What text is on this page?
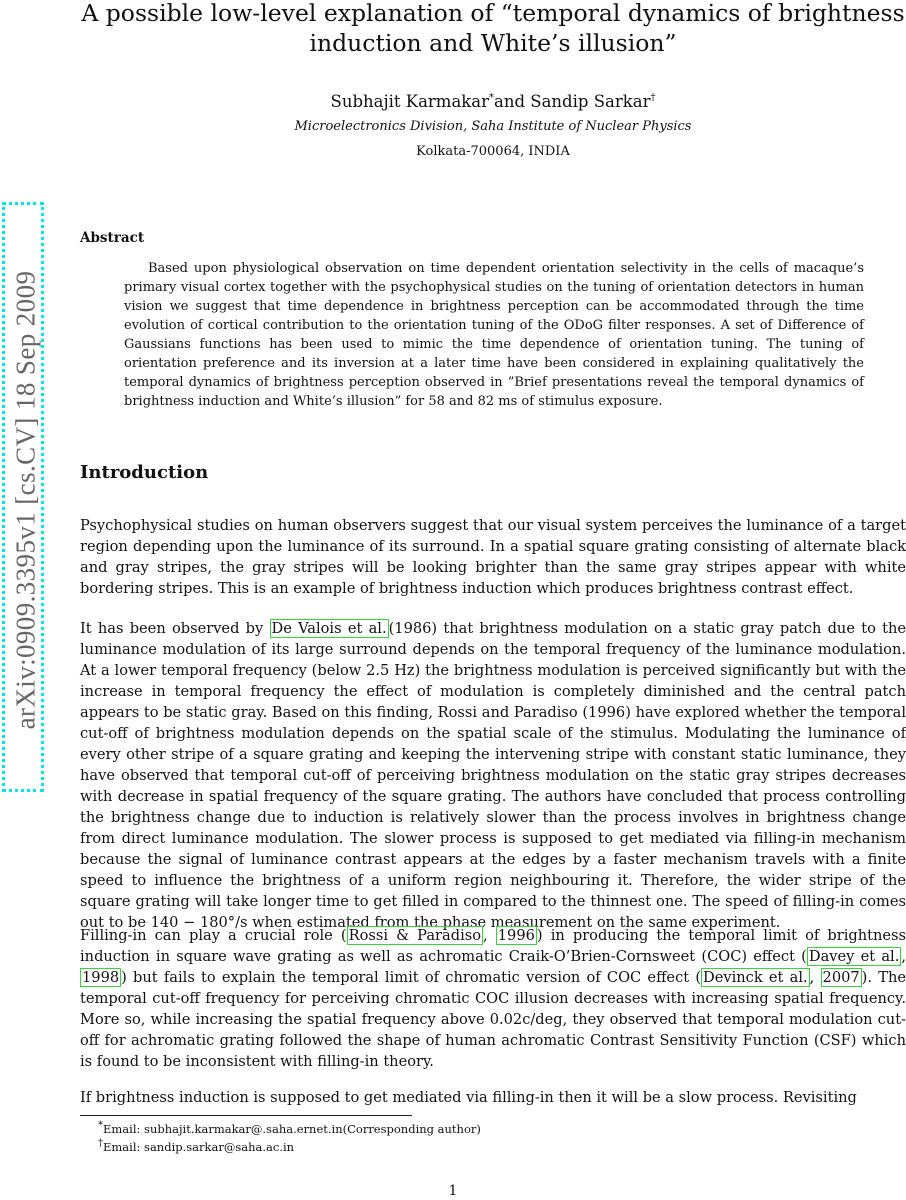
A possible low-level explanation of “temporal dynamics of brightness
induction and White’s illusion”
Subhajit Karmakar*and Sandip Sarkar†
Microelectronics Division, Saha Institute of Nuclear Physics
Kolkata-700064, INDIA
arXiv:0909.3395v1 [cs.CV] 18 Sep 2009
Abstract
Based upon physiological observation on time dependent orientation selectivity in the cells of macaque’s primary visual cortex together with the psychophysical studies on the tuning of orientation detectors in human vision we suggest that time dependence in brightness perception can be accommodated through the time evolution of cortical contribution to the orientation tuning of the ODoG filter responses. A set of Difference of Gaussians functions has been used to mimic the time dependence of orientation tuning. The tuning of orientation preference and its inversion at a later time have been considered in explaining qualitatively the temporal dynamics of brightness perception observed in ”Brief presentations reveal the temporal dynamics of brightness induction and White’s illusion” for 58 and 82 ms of stimulus exposure.
Introduction

Psychophysical studies on human observers suggest that our visual system perceives the luminance of a target region depending upon the luminance of its surround. In a spatial square grating consisting of alternate black and gray stripes, the gray stripes will be looking brighter than the same gray stripes appear with white bordering stripes. This is an example of brightness induction which produces brightness contrast effect.

It has been observed by De Valois et al. (1986) that brightness modulation on a static gray patch due to the luminance modulation of its large surround depends on the temporal frequency of the luminance modulation. At a lower temporal frequency (below 2.5 Hz) the brightness modulation is perceived significantly but with the increase in temporal frequency the effect of modulation is completely diminished and the central patch appears to be static gray. Based on this finding, Rossi and Paradiso (1996) have explored whether the temporal cut-off of brightness modulation depends on the spatial scale of the stimulus. Modulating the luminance of every other stripe of a square grating and keeping the intervening stripe with constant static luminance, they have observed that temporal cut-off of perceiving brightness modulation on the static gray stripes decreases with decrease in spatial frequency of the square grating. The authors have concluded that process controlling the brightness change due to induction is relatively slower than the process involves in brightness change from direct luminance modulation. The slower process is supposed to get mediated via filling-in mechanism because the signal of luminance contrast appears at the edges by a faster mechanism travels with a finite speed to influence the brightness of a uniform region neighbouring it. Therefore, the wider stripe of the square grating will take longer time to get filled in compared to the thinnest one. The speed of filling-in comes out to be 140 − 180°/s when estimated from the phase measurement on the same experiment.

Filling-in can play a crucial role ( Rossi & Paradiso , 1996 ) in producing the temporal limit of brightness induction in square wave grating as well as achromatic Craik-O’Brien-Cornsweet (COC) effect ( Davey et al. , 1998 ) but fails to explain the temporal limit of chromatic version of COC effect ( Devinck et al. , 2007 ). The temporal cut-off frequency for perceiving chromatic COC illusion decreases with increasing spatial frequency. More so, while increasing the spatial frequency above 0.02c/deg, they observed that temporal modulation cut-off for achromatic grating followed the shape of human achromatic Contrast Sensitivity Function (CSF) which is found to be inconsistent with filling-in theory.

If brightness induction is supposed to get mediated via filling-in then it will be a slow process. Revisiting

*Email: subhajit.karmakar@.saha.ernet.in(Corresponding author)
†Email: sandip.sarkar@saha.ac.in
1
